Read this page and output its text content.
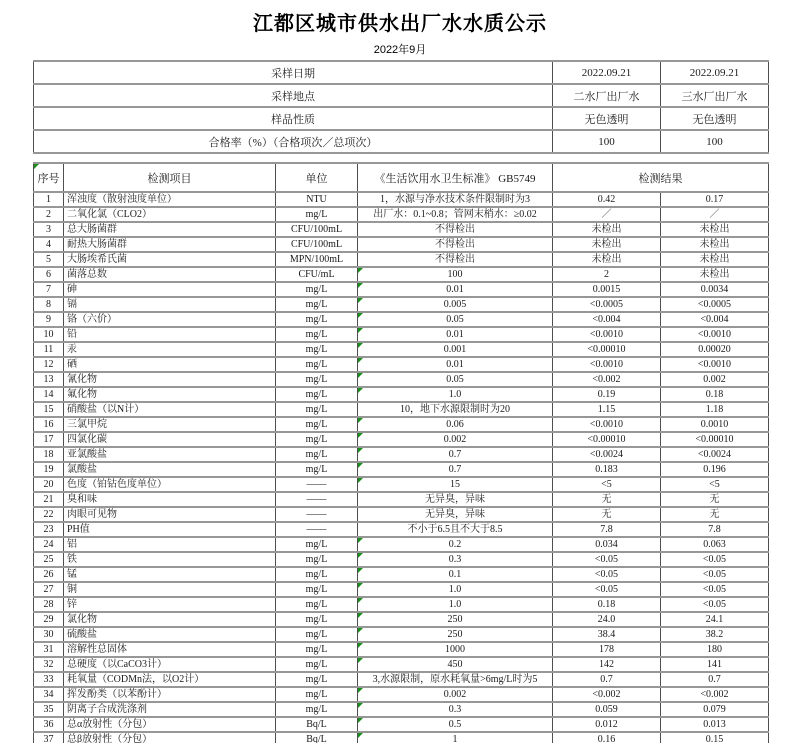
江都区城市供水出厂水水质公示
2022年9月
采样日期	2022.09.21	2022.09.21
采样地点	二水厂出厂水	三水厂出厂水
样品性质	无色透明	无色透明
合格率（%）（合格项次／总项次）	100	100
序号	检测项目	单位	《生活饮用水卫生标准》 GB5749	检测结果	
1	浑浊度（散射浊度单位）	NTU	1，水源与净水技术条件限制时为3	0.42	0.17
2	二氧化氯（CLO2）	mg/L	出厂水：0.1~0.8；管网末梢水：≥0.02	／	／
3	总大肠菌群	CFU/100mL	不得检出	未检出	未检出
4	耐热大肠菌群	CFU/100mL	不得检出	未检出	未检出
5	大肠埃希氏菌	MPN/100mL	不得检出	未检出	未检出
6	菌落总数	CFU/mL	100	2	未检出
7	砷	mg/L	0.01	0.0015	0.0034
8	镉	mg/L	0.005	<0.0005	<0.0005
9	铬（六价）	mg/L	0.05	<0.004	<0.004
10	铅	mg/L	0.01	<0.0010	<0.0010
11	汞	mg/L	0.001	<0.00010	0.00020
12	硒	mg/L	0.01	<0.0010	<0.0010
13	氰化物	mg/L	0.05	<0.002	0.002
14	氟化物	mg/L	1.0	0.19	0.18
15	硝酸盐（以N计）	mg/L	10，地下水源限制时为20	1.15	1.18
16	三氯甲烷	mg/L	0.06	<0.0010	0.0010
17	四氯化碳	mg/L	0.002	<0.00010	<0.00010
18	亚氯酸盐	mg/L	0.7	<0.0024	<0.0024
19	氯酸盐	mg/L	0.7	0.183	0.196
20	色度（铂钴色度单位）	——	15	<5	<5
21	臭和味	——	无异臭，异味	无	无
22	肉眼可见物	——	无异臭，异味	无	无
23	PH值	——	不小于6.5且不大于8.5	7.8	7.8
24	铝	mg/L	0.2	0.034	0.063
25	铁	mg/L	0.3	<0.05	<0.05
26	锰	mg/L	0.1	<0.05	<0.05
27	铜	mg/L	1.0	<0.05	<0.05
28	锌	mg/L	1.0	0.18	<0.05
29	氯化物	mg/L	250	24.0	24.1
30	硫酸盐	mg/L	250	38.4	38.2
31	溶解性总固体	mg/L	1000	178	180
32	总硬度（以CaCO3计）	mg/L	450	142	141
33	耗氧量（CODMn法，以O2计）	mg/L	3,水源限制，原水耗氧量>6mg/L时为5	0.7	0.7
34	挥发酚类（以苯酚计）	mg/L	0.002	<0.002	<0.002
35	阴离子合成洗涤剂	mg/L	0.3	0.059	0.079
36	总α放射性（分包）	Bq/L	0.5	0.012	0.013
37	总β放射性（分包）	Bq/L	1	0.16	0.15
